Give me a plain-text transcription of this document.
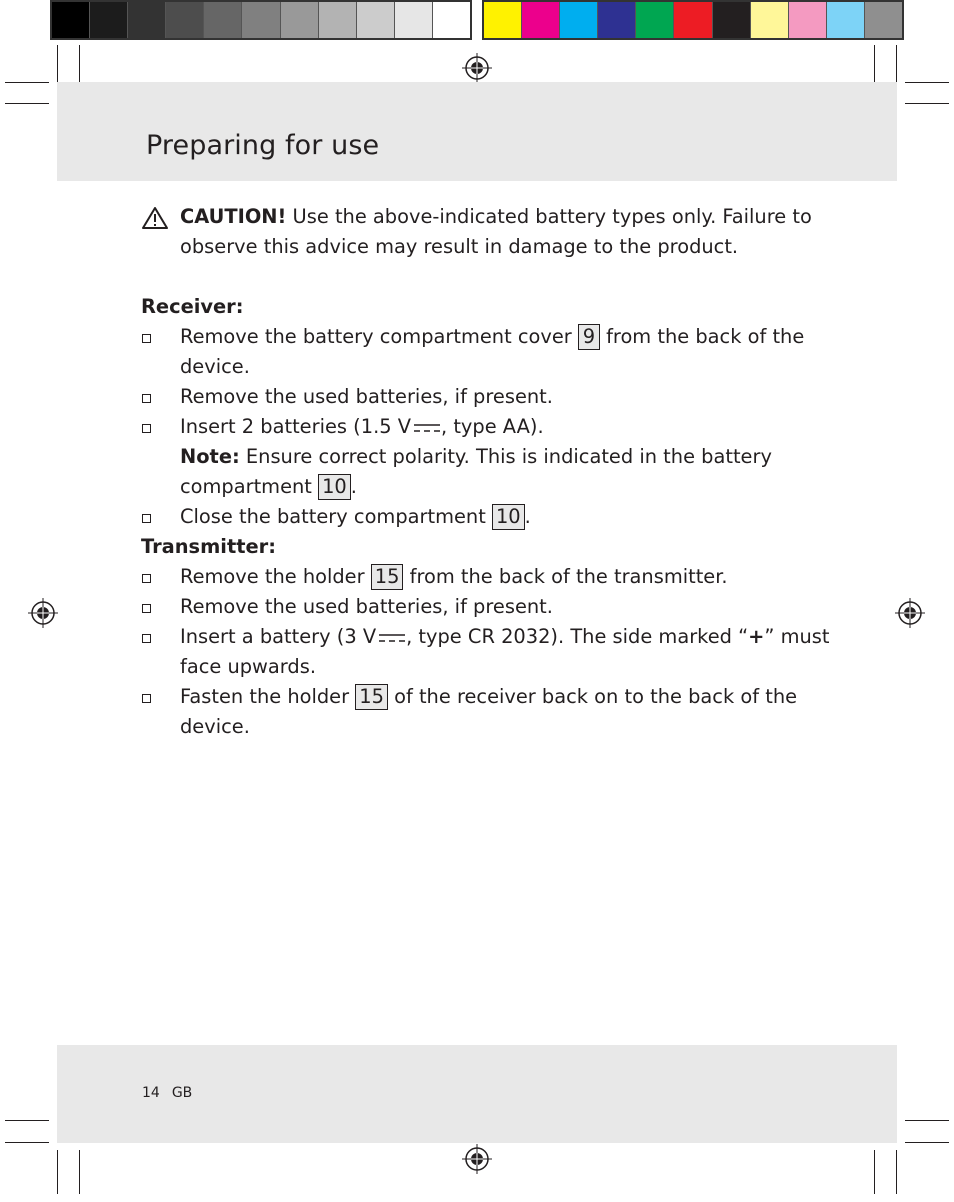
Preparing for use
CAUTION! Use the above-indicated battery types only. Failure to observe this advice may result in damage to the product.

Receiver:

Remove the battery compartment cover 9 from the back of the device.
Remove the used batteries, if present.
Insert 2 batteries (1.5 V , type AA).
Note: Ensure correct polarity. This is indicated in the battery compartment 10 .
Close the battery compartment 10 .

Transmitter:

Remove the holder 15 from the back of the transmitter.
Remove the used batteries, if present.
Insert a battery (3 V , type CR 2032). The side marked “+” must face upwards.
Fasten the holder 15 of the receiver back on to the back of the device.
14 GB
